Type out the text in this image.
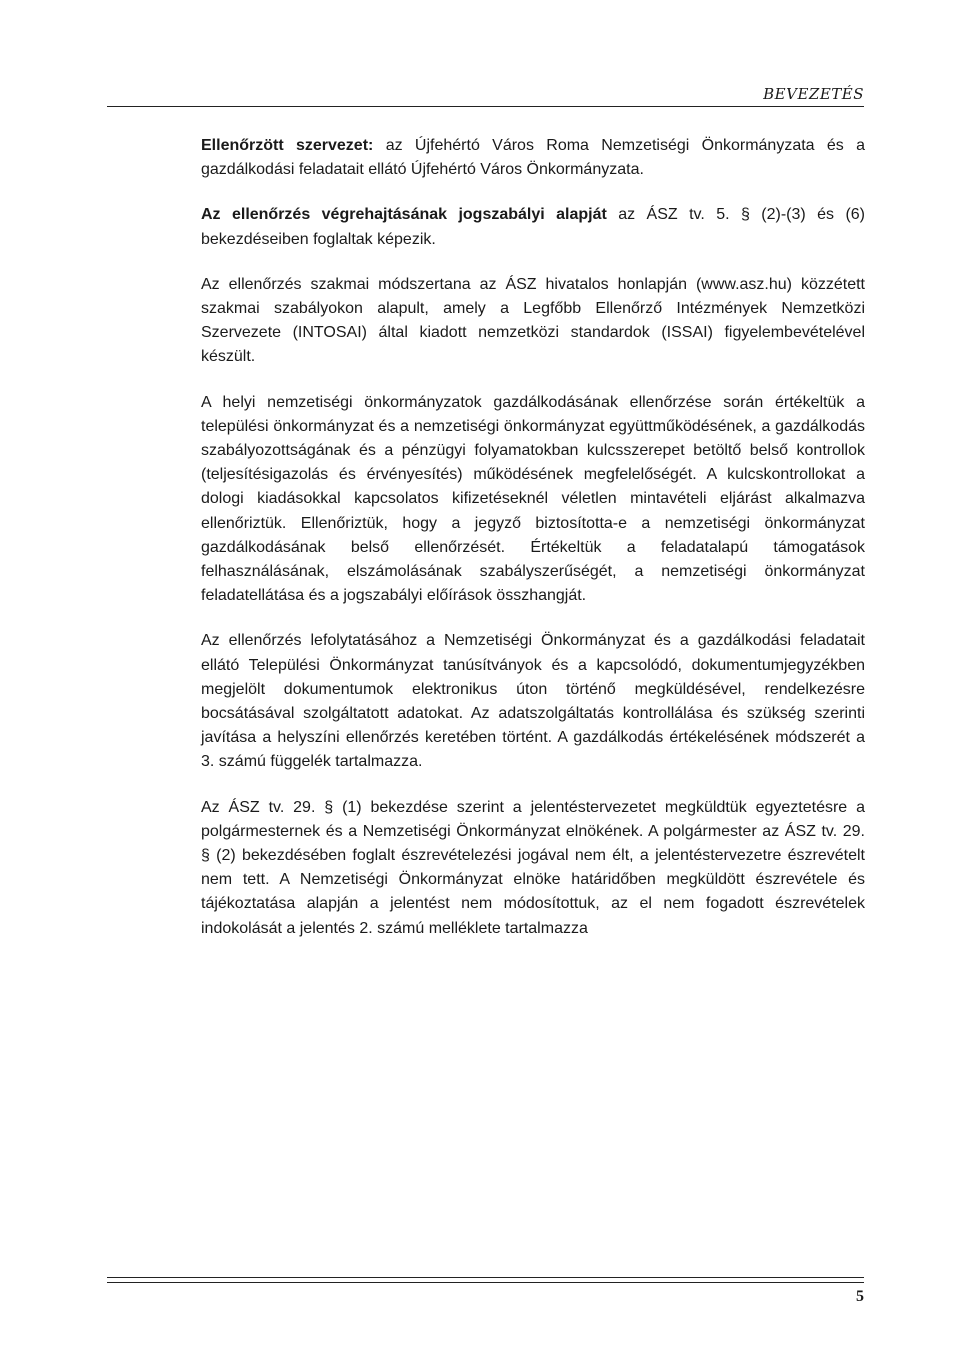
BEVEZETÉS

Ellenőrzött szervezet: az Újfehértó Város Roma Nemzetiségi Önkormányzata és a gazdálkodási feladatait ellátó Újfehértó Város Önkormányzata.

Az ellenőrzés végrehajtásának jogszabályi alapját az ÁSZ tv. 5. § (2)-(3) és (6) bekezdéseiben foglaltak képezik.

Az ellenőrzés szakmai módszertana az ÁSZ hivatalos honlapján (www.asz.hu) közzétett szakmai szabályokon alapult, amely a Legfőbb Ellenőrző Intézmények Nemzetközi Szervezete (INTOSAI) által kiadott nemzetközi standardok (ISSAI) figyelembevételével készült.

A helyi nemzetiségi önkormányzatok gazdálkodásának ellenőrzése során értékeltük a települési önkormányzat és a nemzetiségi önkormányzat együttműködésének, a gazdálkodás szabályozottságának és a pénzügyi folyamatokban kulcsszerepet betöltő belső kontrollok (teljesítésigazolás és érvényesítés) működésének megfelelőségét. A kulcskontrollokat a dologi kiadásokkal kapcsolatos kifizetéseknél véletlen mintavételi eljárást alkalmazva ellenőriztük. Ellenőriztük, hogy a jegyző biztosította-e a nemzetiségi önkormányzat gazdálkodásának belső ellenőrzését. Értékeltük a feladatalapú támogatások felhasználásának, elszámolásának szabályszerűségét, a nemzetiségi önkormányzat feladatellátása és a jogszabályi előírások összhangját.

Az ellenőrzés lefolytatásához a Nemzetiségi Önkormányzat és a gazdálkodási feladatait ellátó Települési Önkormányzat tanúsítványok és a kapcsolódó, dokumentumjegyzékben megjelölt dokumentumok elektronikus úton történő megküldésével, rendelkezésre bocsátásával szolgáltatott adatokat. Az adatszolgáltatás kontrollálása és szükség szerinti javítása a helyszíni ellenőrzés keretében történt. A gazdálkodás értékelésének módszerét a 3. számú függelék tartalmazza.

Az ÁSZ tv. 29. § (1) bekezdése szerint a jelentéstervezetet megküldtük egyeztetésre a polgármesternek és a Nemzetiségi Önkormányzat elnökének. A polgármester az ÁSZ tv. 29. § (2) bekezdésében foglalt észrevételezési jogával nem élt, a jelentéstervezetre észrevételt nem tett. A Nemzetiségi Önkormányzat elnöke határidőben megküldött észrevétele és tájékoztatása alapján a jelentést nem módosítottuk, az el nem fogadott észrevételek indokolását a jelentés 2. számú melléklete tartalmazza

5
